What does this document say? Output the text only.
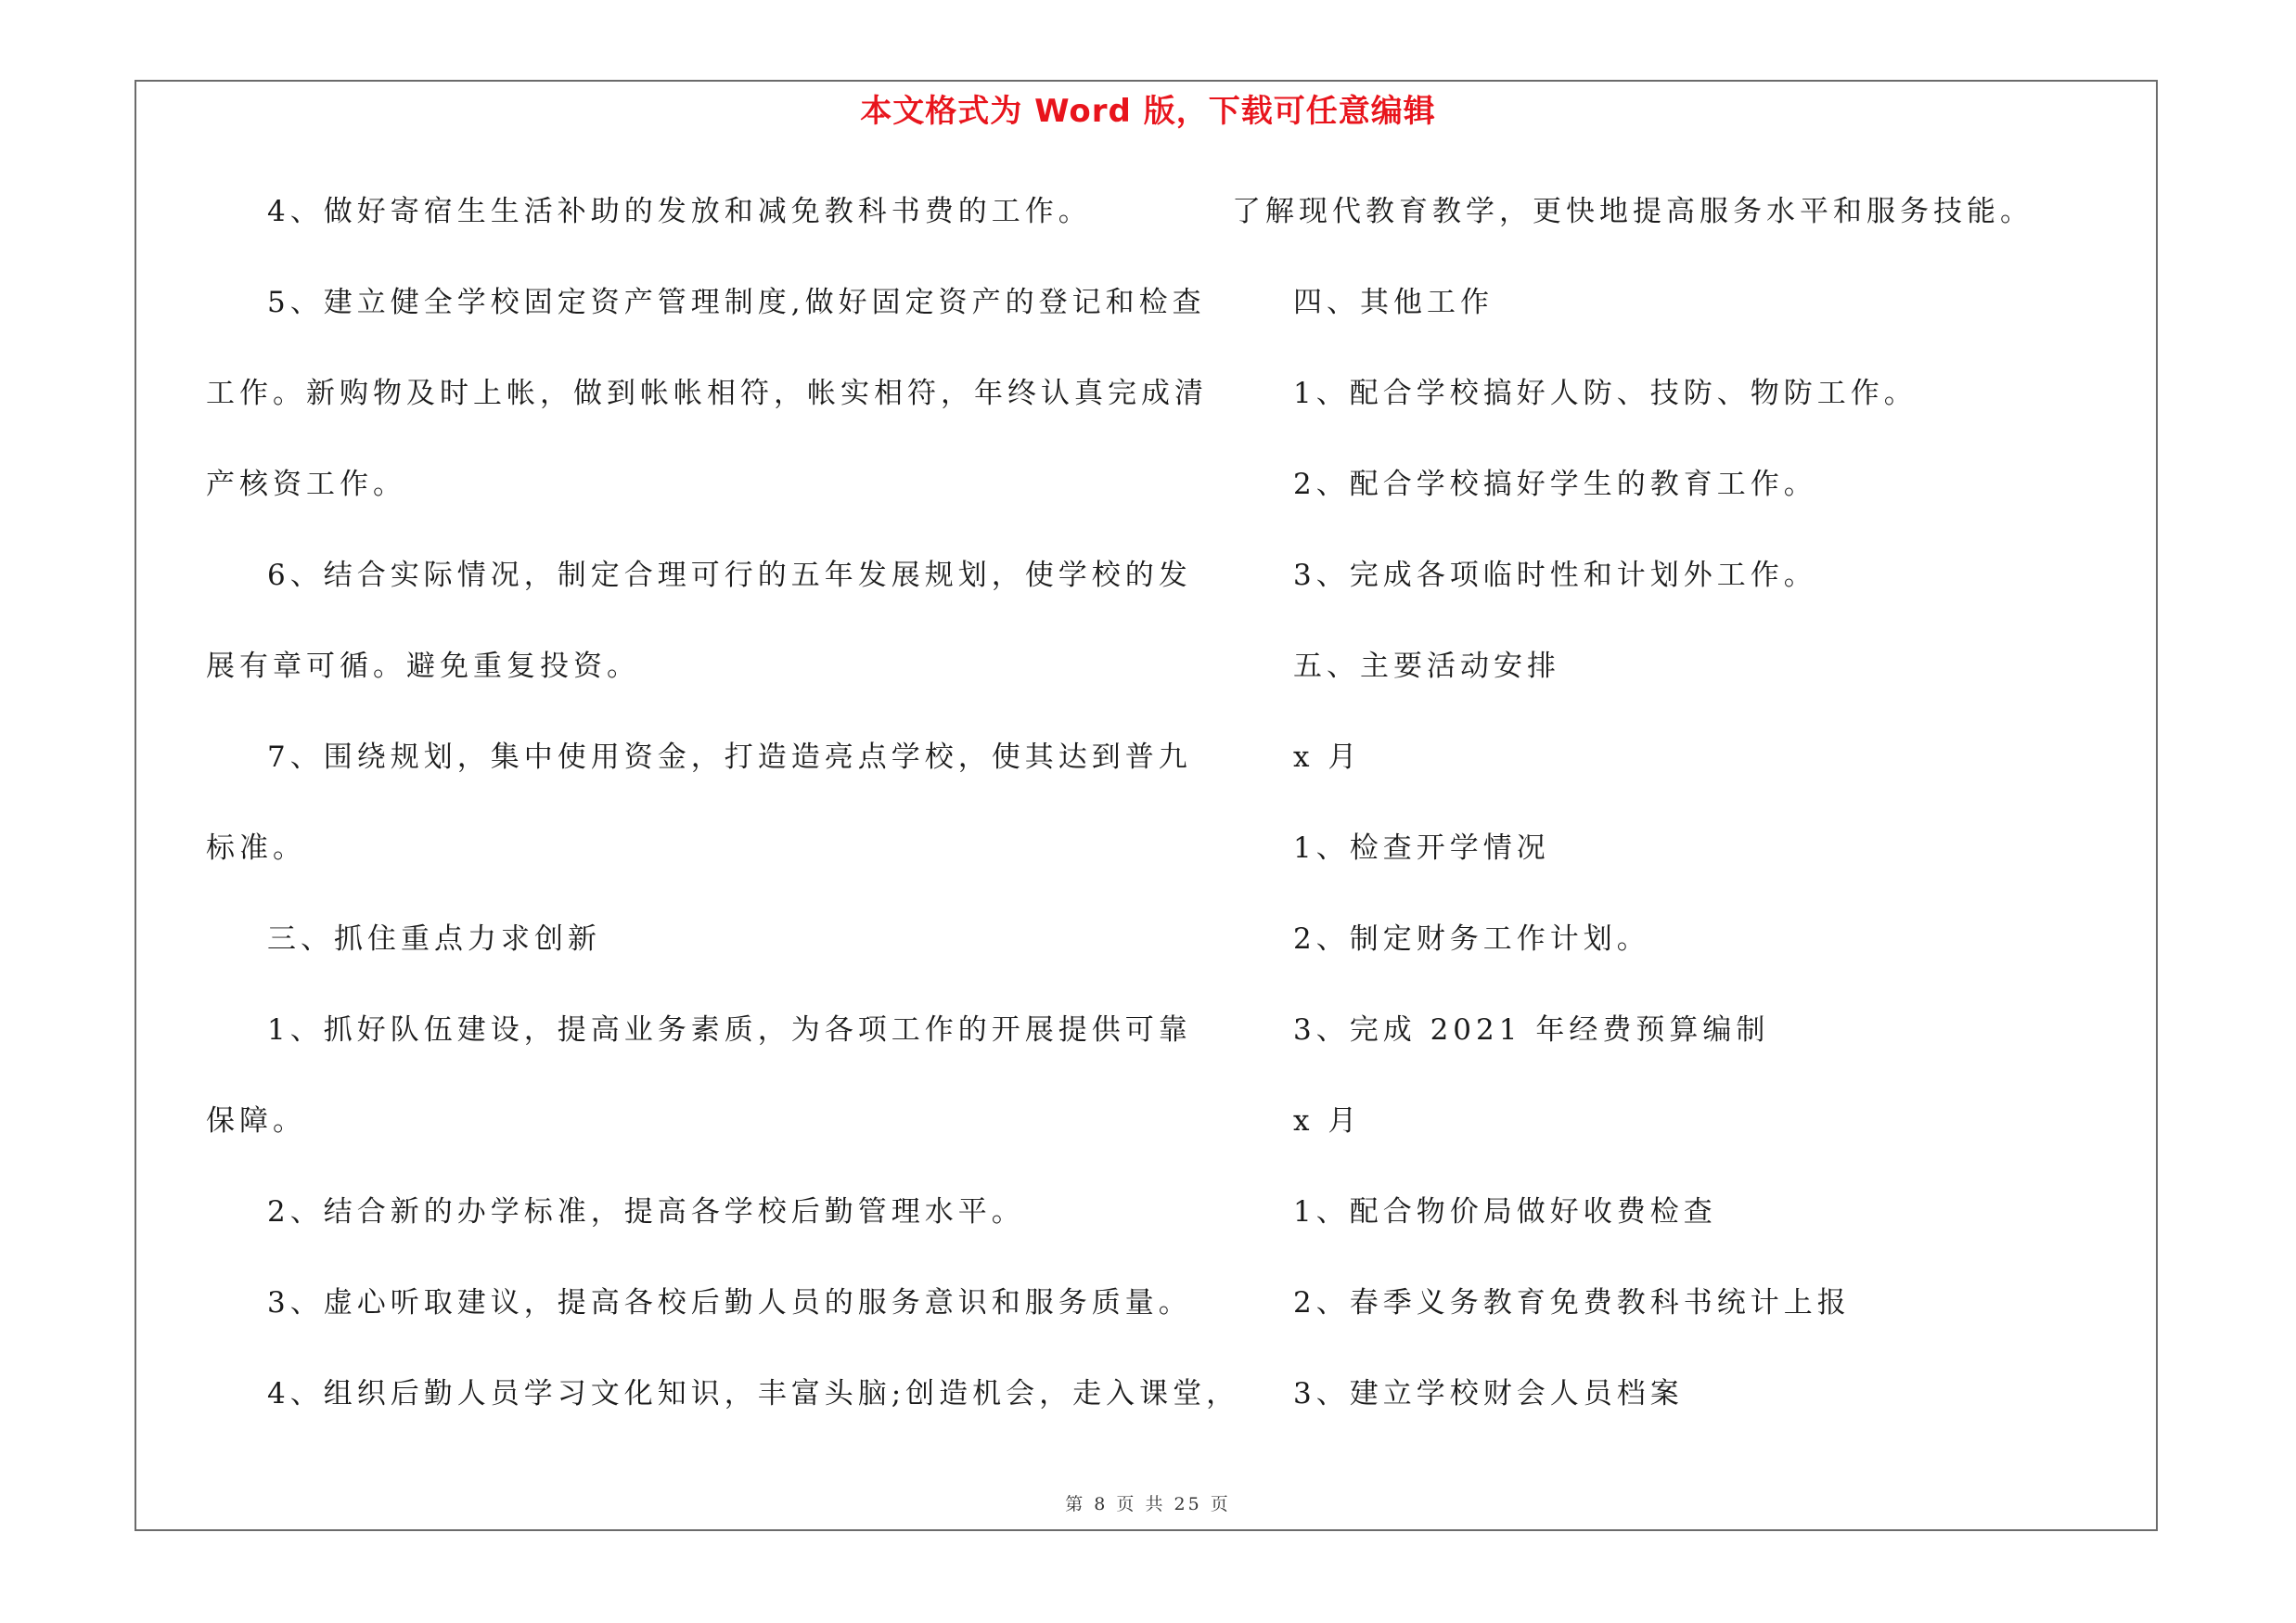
本文格式为 Word 版，下载可任意编辑
4、做好寄宿生生活补助的发放和减免教科书费的工作。
5、建立健全学校固定资产管理制度,做好固定资产的登记和检查
工作。新购物及时上帐，做到帐帐相符，帐实相符，年终认真完成清
产核资工作。
6、结合实际情况，制定合理可行的五年发展规划，使学校的发
展有章可循。避免重复投资。
7、围绕规划，集中使用资金，打造造亮点学校，使其达到普九
标准。
三、抓住重点力求创新
1、抓好队伍建设，提高业务素质，为各项工作的开展提供可靠
保障。
2、结合新的办学标准，提高各学校后勤管理水平。
3、虚心听取建议，提高各校后勤人员的服务意识和服务质量。
4、组织后勤人员学习文化知识，丰富头脑;创造机会，走入课堂，
了解现代教育教学，更快地提高服务水平和服务技能。
四、其他工作
1、配合学校搞好人防、技防、物防工作。
2、配合学校搞好学生的教育工作。
3、完成各项临时性和计划外工作。
五、主要活动安排
x 月
1、检查开学情况
2、制定财务工作计划。
3、完成 2021 年经费预算编制
x 月
1、配合物价局做好收费检查
2、春季义务教育免费教科书统计上报
3、建立学校财会人员档案
第 8 页 共 25 页
